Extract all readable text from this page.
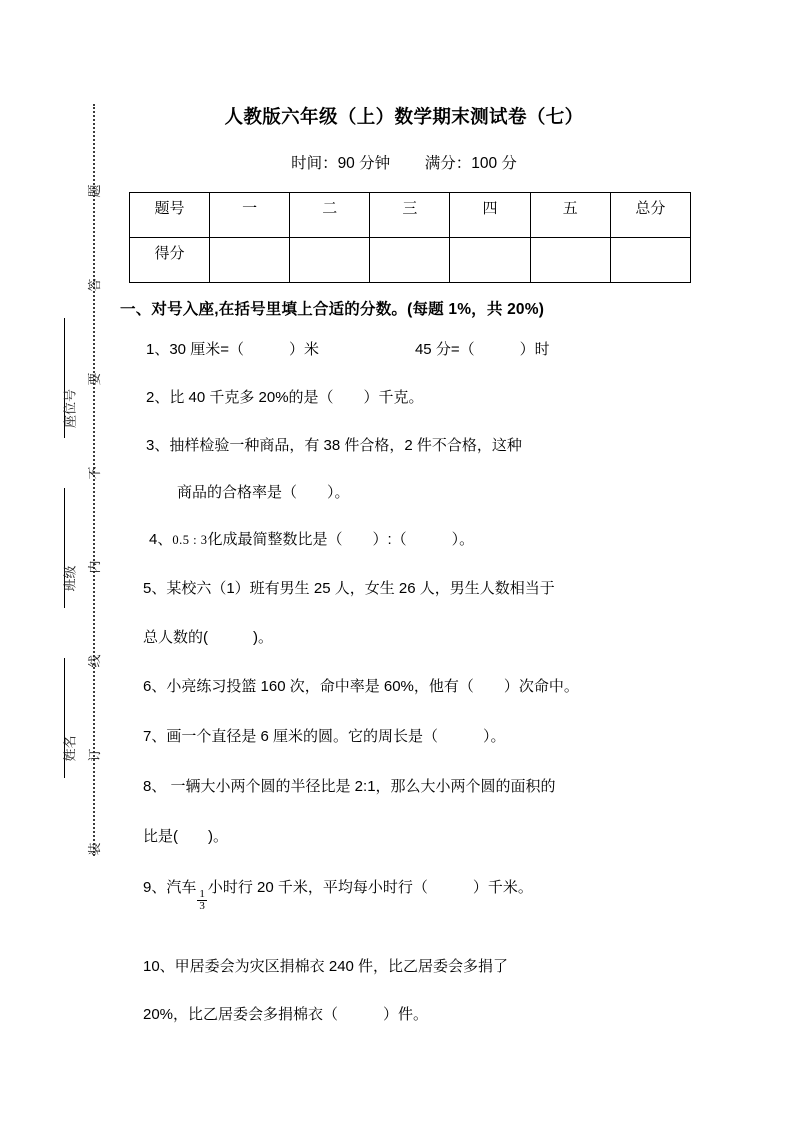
题
答
要
不
内
线
订
装
座位号
班级
姓名
人教版六年级（上）数学期末测试卷（七）

时间：90 分钟 满分：100 分

题号	一	二	三	四	五	总分
得分						
一、对号入座,在括号里填上合适的分数。(每题 1%，共 20%)
1、30 厘米=（　　　）米	45 分=（　　　）时
2、比 40 千克多 20%的是（　　）千克。
3、抽样检验一种商品，有 38 件合格，2 件不合格，这种
商品的合格率是（　　）。
4、0.5 : 3化成最简整数比是（　　）:（　　　）。
5、某校六（1）班有男生 25 人，女生 26 人，男生人数相当于
总人数的(　　　)。
6、小亮练习投篮 160 次，命中率是 60%，他有（　　）次命中。
7、画一个直径是 6 厘米的圆。它的周长是（　　　）。
8、 一辆大小两个圆的半径比是 2:1，那么大小两个圆的面积的
比是(　　)。
9、汽车
$\frac{1}{3}$
小时行 20 千米，平均每小时行（　　　）千米。
10、甲居委会为灾区捐棉衣 240 件，比乙居委会多捐了
20%，比乙居委会多捐棉衣（　　　）件。
